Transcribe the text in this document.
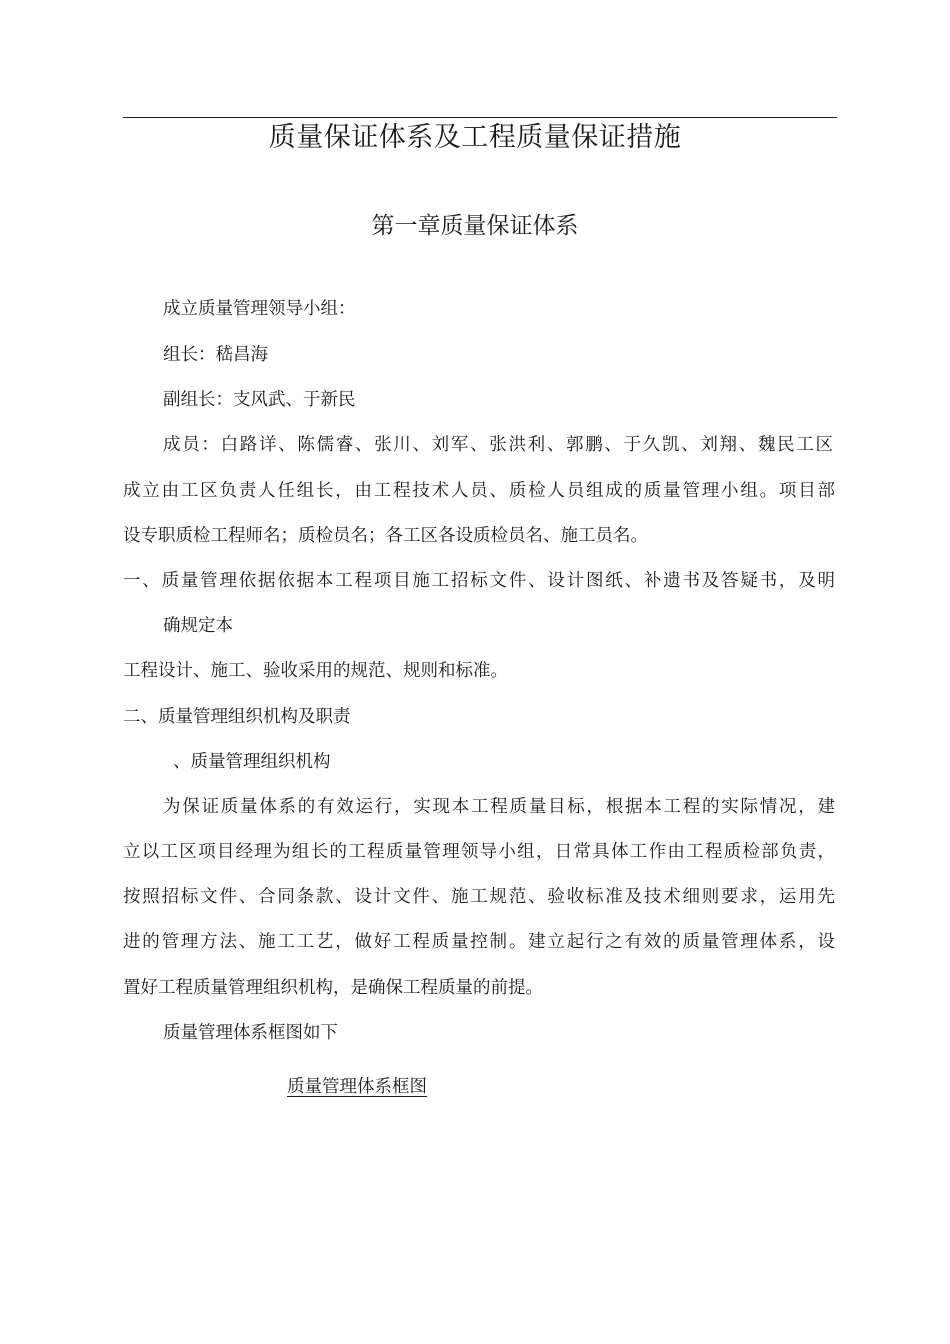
质量保证体系及工程质量保证措施
第一章质量保证体系
成立质量管理领导小组：
组长：嵇昌海
副组长：支风武、于新民
成员：白路详、陈儒睿、张川、刘军、张洪利、郭鹏、于久凯、刘翔、魏民工区
成立由工区负责人任组长，由工程技术人员、质检人员组成的质量管理小组。项目部
设专职质检工程师名；质检员名；各工区各设质检员名、施工员名。
一、质量管理依据依据本工程项目施工招标文件、设计图纸、补遗书及答疑书，及明
确规定本
工程设计、施工、验收采用的规范、规则和标准。
二、质量管理组织机构及职责
、质量管理组织机构
为保证质量体系的有效运行，实现本工程质量目标，根据本工程的实际情况，建
立以工区项目经理为组长的工程质量管理领导小组，日常具体工作由工程质检部负责，
按照招标文件、合同条款、设计文件、施工规范、验收标准及技术细则要求，运用先
进的管理方法、施工工艺，做好工程质量控制。建立起行之有效的质量管理体系，设
置好工程质量管理组织机构，是确保工程质量的前提。
质量管理体系框图如下
质量管理体系框图
